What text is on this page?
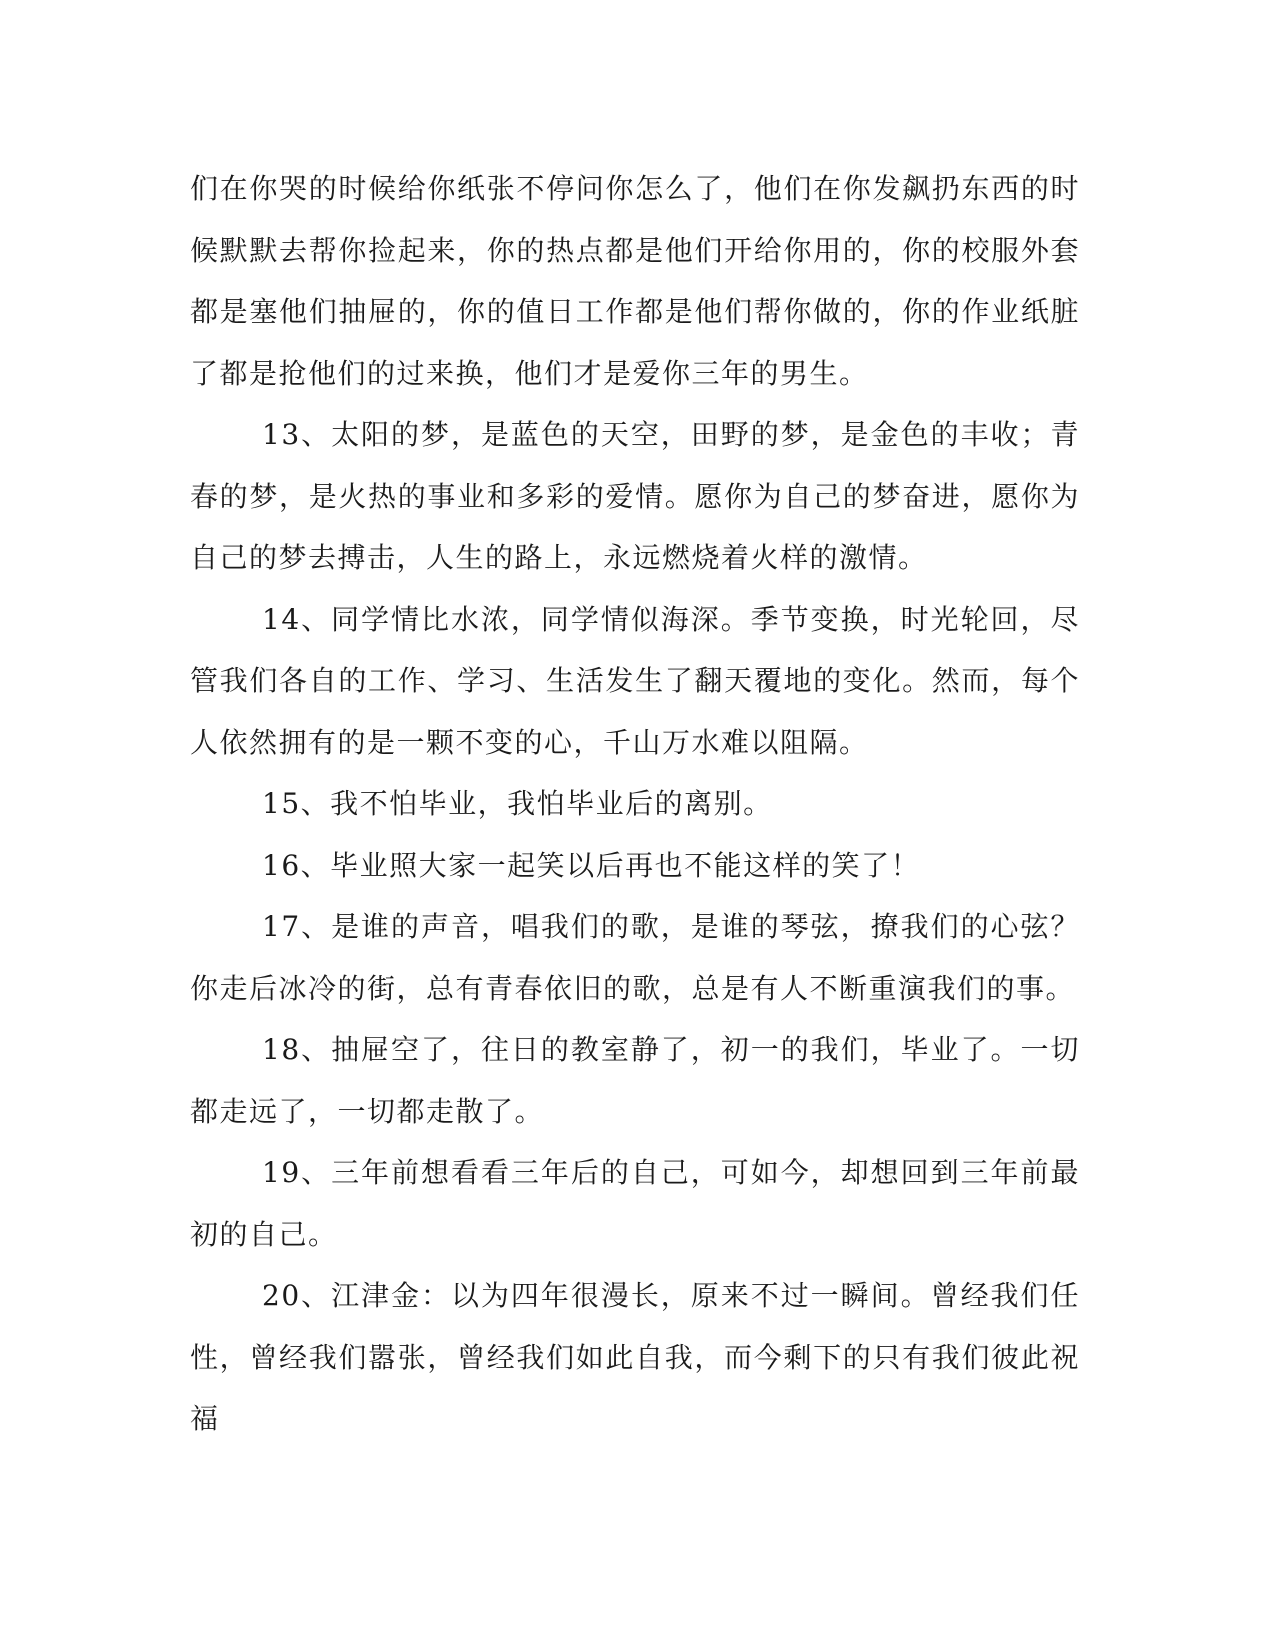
们在你哭的时候给你纸张不停问你怎么了，他们在你发飙扔东西的时候默默去帮你捡起来，你的热点都是他们开给你用的，你的校服外套都是塞他们抽屉的，你的值日工作都是他们帮你做的，你的作业纸脏了都是抢他们的过来换，他们才是爱你三年的男生。

13、太阳的梦，是蓝色的天空，田野的梦，是金色的丰收；青春的梦，是火热的事业和多彩的爱情。愿你为自己的梦奋进，愿你为自己的梦去搏击，人生的路上，永远燃烧着火样的激情。

14、同学情比水浓，同学情似海深。季节变换，时光轮回，尽管我们各自的工作、学习、生活发生了翻天覆地的变化。然而，每个人依然拥有的是一颗不变的心，千山万水难以阻隔。

15、我不怕毕业，我怕毕业后的离别。

16、毕业照大家一起笑以后再也不能这样的笑了！

17、是谁的声音，唱我们的歌，是谁的琴弦，撩我们的心弦？你走后冰冷的街，总有青春依旧的歌，总是有人不断重演我们的事。

18、抽屉空了，往日的教室静了，初一的我们，毕业了。一切都走远了，一切都走散了。

19、三年前想看看三年后的自己，可如今，却想回到三年前最初的自己。

20、江津金：以为四年很漫长，原来不过一瞬间。曾经我们任性，曾经我们嚣张，曾经我们如此自我，而今剩下的只有我们彼此祝福
